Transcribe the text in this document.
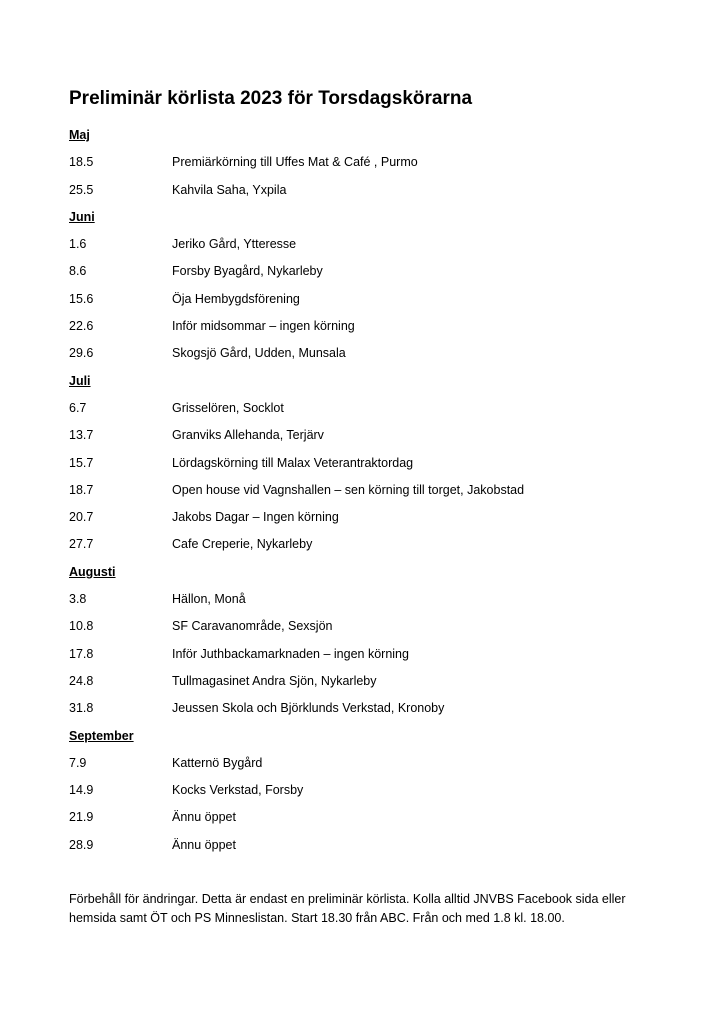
Preliminär körlista 2023 för Torsdagskörarna
Maj
18.5	Premiärkörning till Uffes Mat & Café , Purmo
25.5	Kahvila Saha, Yxpila
Juni
1.6	Jeriko Gård, Ytteresse
8.6	Forsby Byagård, Nykarleby
15.6	Öja Hembygdsförening
22.6	Inför midsommar – ingen körning
29.6	Skogsjö Gård, Udden, Munsala
Juli
6.7	Grisselören, Socklot
13.7	Granviks Allehanda, Terjärv
15.7	Lördagskörning till Malax Veterantraktordag
18.7	Open house vid Vagnshallen – sen körning till torget, Jakobstad
20.7	Jakobs Dagar – Ingen körning
27.7	Cafe Creperie, Nykarleby
Augusti
3.8	Hällon, Monå
10.8	SF Caravanområde, Sexsjön
17.8	Inför Juthbackamarknaden – ingen körning
24.8	Tullmagasinet Andra Sjön, Nykarleby
31.8	Jeussen Skola och Björklunds Verkstad, Kronoby
September
7.9	Katternö Bygård
14.9	Kocks Verkstad, Forsby
21.9	Ännu öppet
28.9	Ännu öppet
Förbehåll för ändringar. Detta är endast en preliminär körlista. Kolla alltid JNVBS Facebook sida eller hemsida samt ÖT och PS Minneslistan. Start 18.30 från ABC. Från och med 1.8 kl. 18.00.
